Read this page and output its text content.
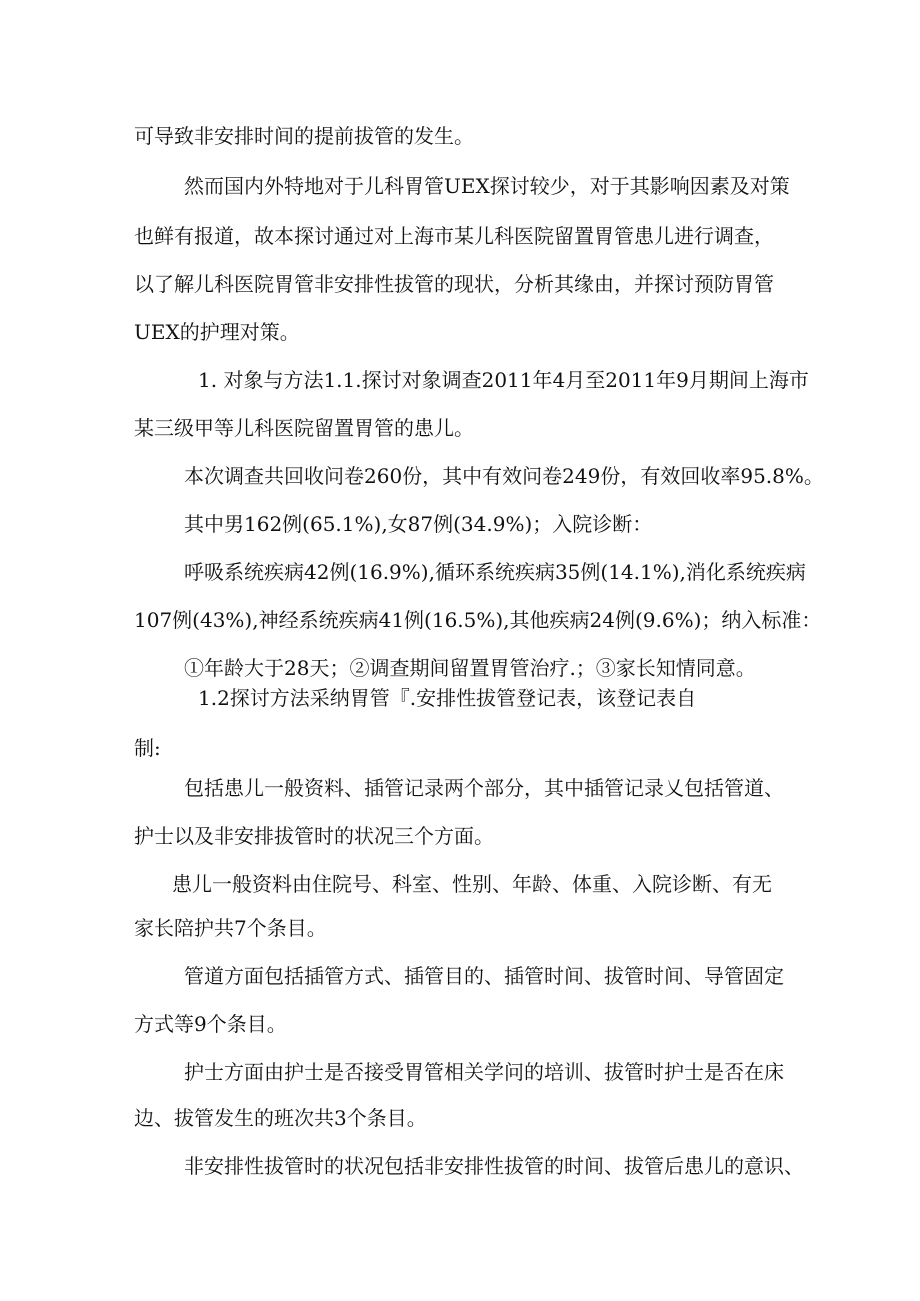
可导致非安排时间的提前拔管的发生。

然而国内外特地对于儿科胃管UEX探讨较少，对于其影响因素及对策

也鲜有报道，故本探讨通过对上海市某儿科医院留置胃管患儿进行调查，

以了解儿科医院胃管非安排性拔管的现状，分析其缘由，并探讨预防胃管

UEX的护理对策。

1. 对象与方法1.1.探讨对象调查2011年4月至2011年9月期间上海市

某三级甲等儿科医院留置胃管的患儿。

本次调查共回收问卷260份，其中有效问卷249份，有效回收率95.8%。

其中男162例(65.1%),女87例(34.9%)；入院诊断：

呼吸系统疾病42例(16.9%),循环系统疾病35例(14.1%),消化系统疾病

107例(43%),神经系统疾病41例(16.5%),其他疾病24例(9.6%)；纳入标准：

①年龄大于28天；②调查期间留置胃管治疗.；③家长知情同意。

1.2探讨方法采纳胃管『.安排性拔管登记表，该登记表自

制:

包括患儿一般资料、插管记录两个部分，其中插管记录乂包括管道、

护士以及非安排拔管时的状况三个方面。

患儿一般资料由住院号、科室、性别、年龄、体重、入院诊断、有无

家长陪护共7个条目。

管道方面包括插管方式、插管目的、插管时间、拔管时间、导管固定

方式等9个条目。

护士方面由护士是否接受胃管相关学问的培训、拔管时护士是否在床

边、拔管发生的班次共3个条目。

非安排性拔管时的状况包括非安排性拔管的时间、拔管后患儿的意识、
